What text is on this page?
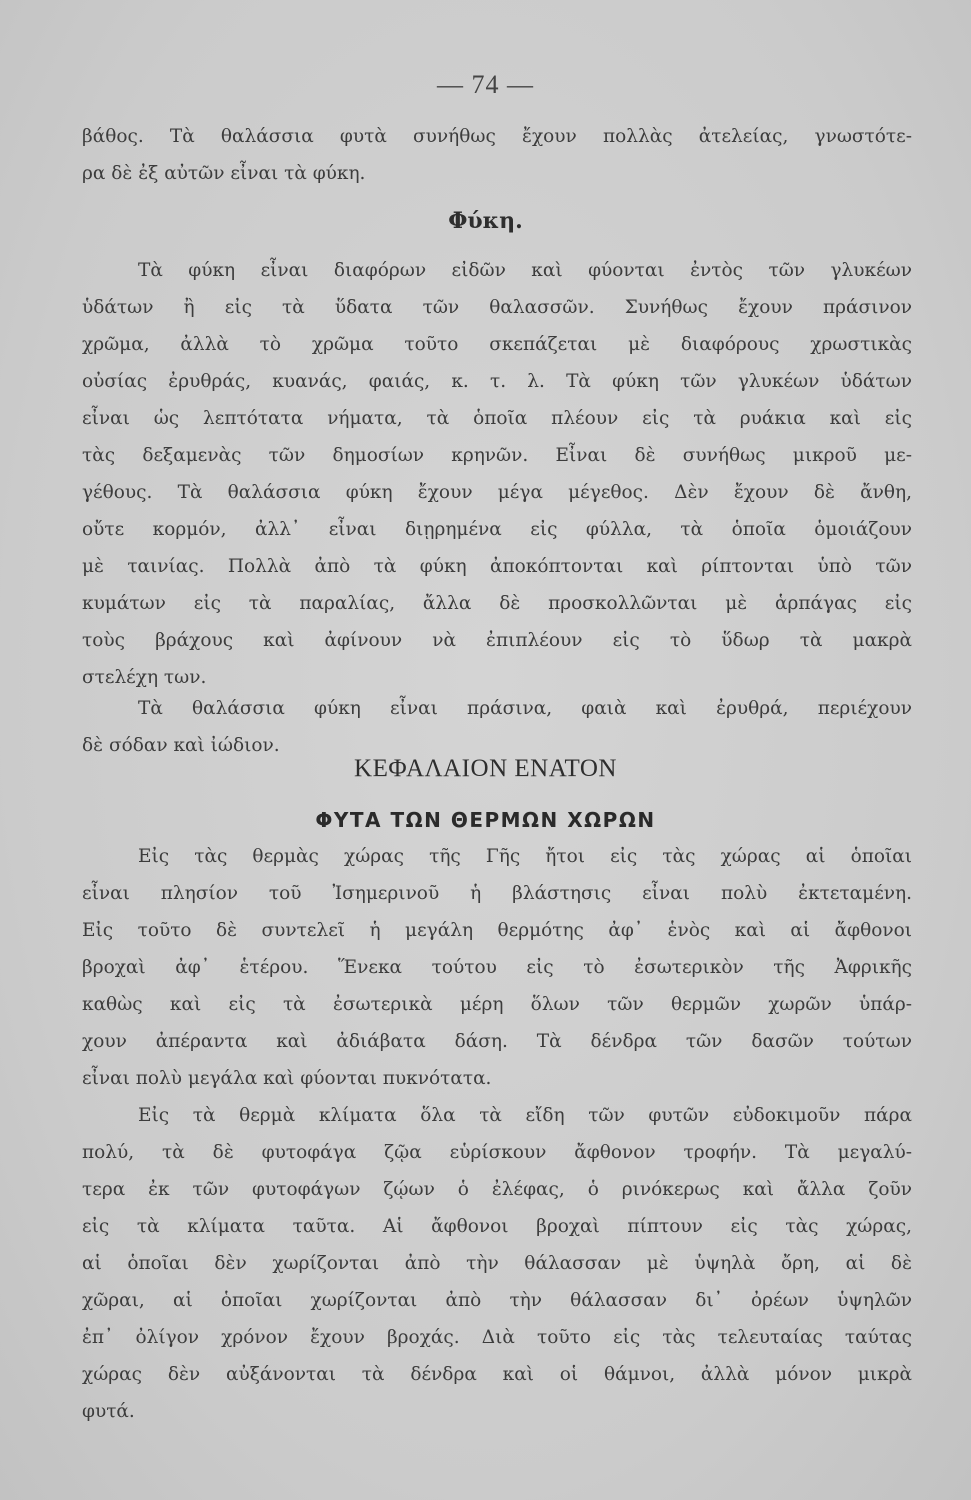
— 74 —
βάθος. Τὰ θαλάσσια φυτὰ συνήθως ἔχουν πολλὰς ἀτελείας, γνωστότε-
ρα δὲ ἐξ αὐτῶν εἶναι τὰ φύκη.
Φύκη.
Τὰ φύκη εἶναι διαφόρων εἰδῶν καὶ φύονται ἐντὸς τῶν γλυκέων
ὑδάτων ἢ εἰς τὰ ὕδατα τῶν θαλασσῶν. Συνήθως ἔχουν πράσινον
χρῶμα, ἀλλὰ τὸ χρῶμα τοῦτο σκεπάζεται μὲ διαφόρους χρωστικὰς
οὐσίας ἐρυθράς, κυανάς, φαιάς, κ. τ. λ. Τὰ φύκη τῶν γλυκέων ὑδάτων
εἶναι ὡς λεπτότατα νήματα, τὰ ὁποῖα πλέουν εἰς τὰ ρυάκια καὶ εἰς
τὰς δεξαμενὰς τῶν δημοσίων κρηνῶν. Εἶναι δὲ συνήθως μικροῦ με-
γέθους. Τὰ θαλάσσια φύκη ἔχουν μέγα μέγεθος. Δὲν ἔχουν δὲ ἄνθη,
οὔτε κορμόν, ἀλλ᾽ εἶναι διῃρημένα εἰς φύλλα, τὰ ὁποῖα ὁμοιάζουν
μὲ ταινίας. Πολλὰ ἀπὸ τὰ φύκη ἀποκόπτονται καὶ ρίπτονται ὑπὸ τῶν
κυμάτων εἰς τὰ παραλίας, ἄλλα δὲ προσκολλῶνται μὲ ἁρπάγας εἰς
τοὺς βράχους καὶ ἀφίνουν νὰ ἐπιπλέουν εἰς τὸ ὕδωρ τὰ μακρὰ
στελέχη των.
Τὰ θαλάσσια φύκη εἶναι πράσινα, φαιὰ καὶ ἐρυθρά, περιέχουν
δὲ σόδαν καὶ ἰώδιον.
ΚΕΦΑΛΑΙΟΝ ΕΝΑΤΟΝ
ΦΥΤΑ ΤΩΝ ΘΕΡΜΩΝ ΧΩΡΩΝ
Εἰς τὰς θερμὰς χώρας τῆς Γῆς ἤτοι εἰς τὰς χώρας αἱ ὁποῖαι
εἶναι πλησίον τοῦ Ἰσημερινοῦ ἡ βλάστησις εἶναι πολὺ ἐκτεταμένη.
Εἰς τοῦτο δὲ συντελεῖ ἡ μεγάλη θερμότης ἀφ᾽ ἑνὸς καὶ αἱ ἄφθονοι
βροχαὶ ἀφ᾽ ἑτέρου. Ἕνεκα τούτου εἰς τὸ ἐσωτερικὸν τῆς Ἀφρικῆς
καθὼς καὶ εἰς τὰ ἐσωτερικὰ μέρη ὅλων τῶν θερμῶν χωρῶν ὑπάρ-
χουν ἀπέραντα καὶ ἀδιάβατα δάση. Τὰ δένδρα τῶν δασῶν τούτων
εἶναι πολὺ μεγάλα καὶ φύονται πυκνότατα.
Εἰς τὰ θερμὰ κλίματα ὅλα τὰ εἴδη τῶν φυτῶν εὐδοκιμοῦν πάρα
πολύ, τὰ δὲ φυτοφάγα ζῷα εὑρίσκουν ἄφθονον τροφήν. Τὰ μεγαλύ-
τερα ἐκ τῶν φυτοφάγων ζῴων ὁ ἐλέφας, ὁ ρινόκερως καὶ ἄλλα ζοῦν
εἰς τὰ κλίματα ταῦτα. Αἱ ἄφθονοι βροχαὶ πίπτουν εἰς τὰς χώρας,
αἱ ὁποῖαι δὲν χωρίζονται ἀπὸ τὴν θάλασσαν μὲ ὑψηλὰ ὄρη, αἱ δὲ
χῶραι, αἱ ὁποῖαι χωρίζονται ἀπὸ τὴν θάλασσαν δι᾽ ὀρέων ὑψηλῶν
ἐπ᾽ ὀλίγον χρόνον ἔχουν βροχάς. Διὰ τοῦτο εἰς τὰς τελευταίας ταύτας
χώρας δὲν αὐξάνονται τὰ δένδρα καὶ οἱ θάμνοι, ἀλλὰ μόνον μικρὰ
φυτά.
